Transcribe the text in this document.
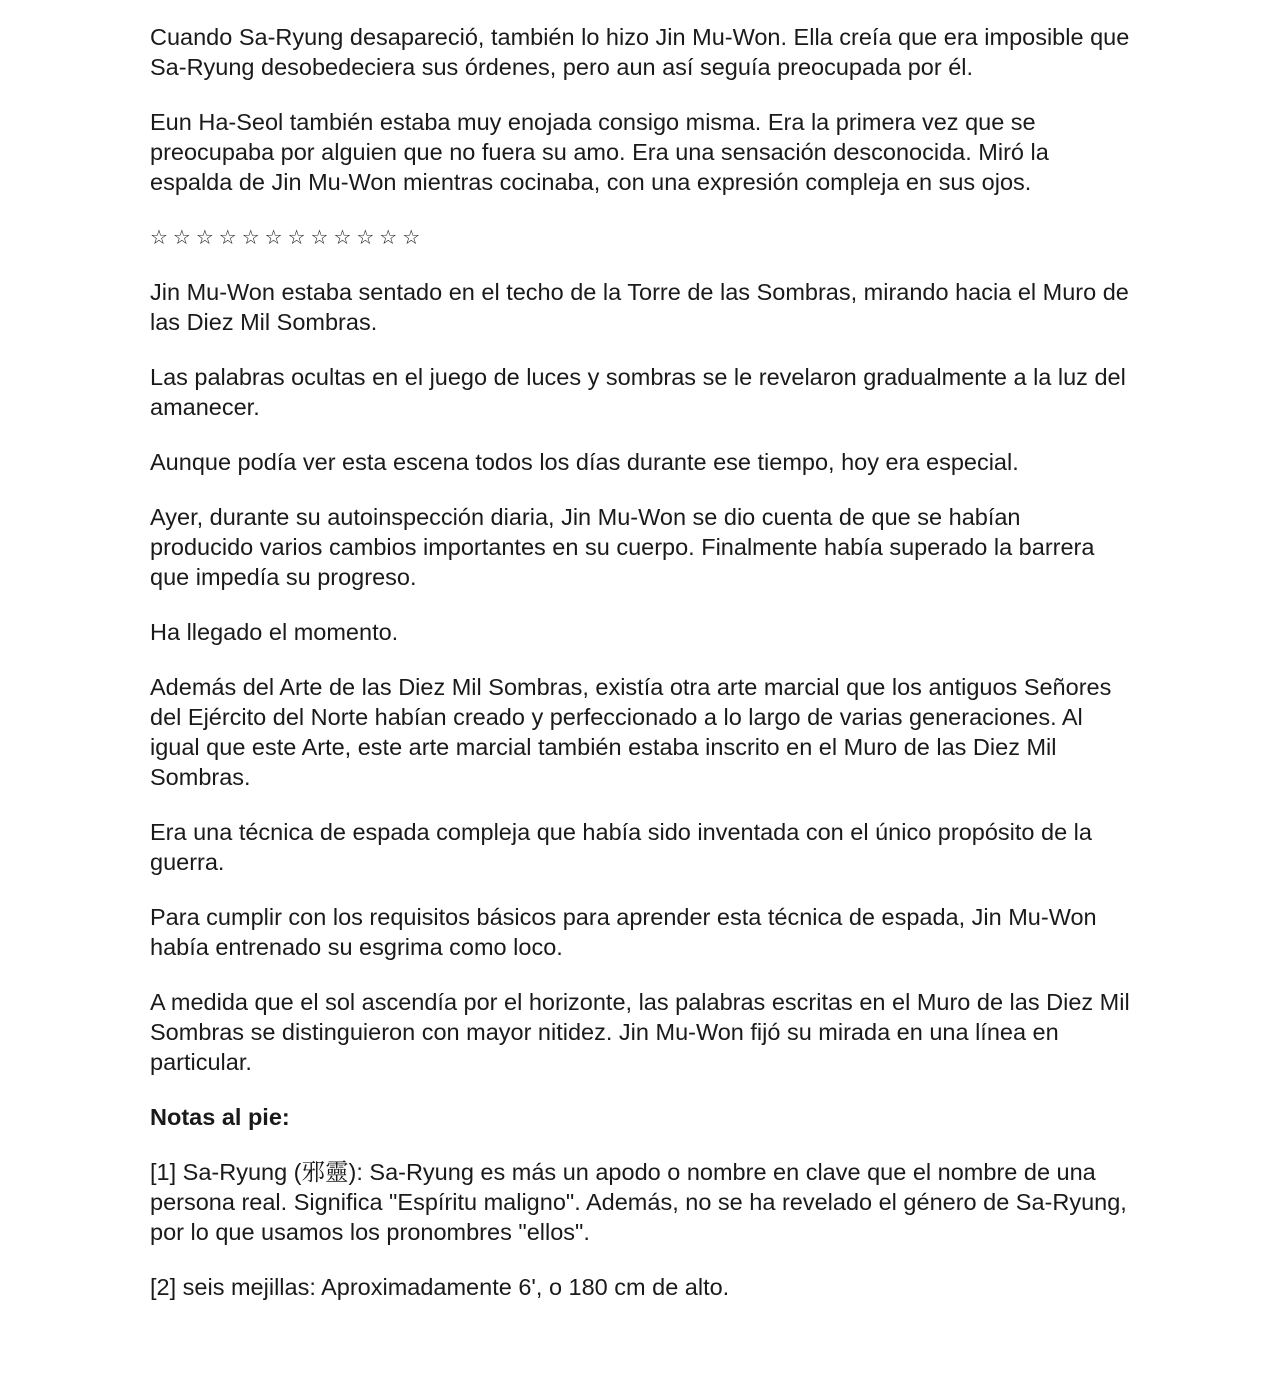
Cuando Sa-Ryung desapareció, también lo hizo Jin Mu-Won. Ella creía que era imposible que Sa-Ryung desobedeciera sus órdenes, pero aun así seguía preocupada por él.

Eun Ha-Seol también estaba muy enojada consigo misma. Era la primera vez que se preocupaba por alguien que no fuera su amo. Era una sensación desconocida. Miró la espalda de Jin Mu-Won mientras cocinaba, con una expresión compleja en sus ojos.

☆☆☆☆☆☆☆☆☆☆☆☆

Jin Mu-Won estaba sentado en el techo de la Torre de las Sombras, mirando hacia el Muro de las Diez Mil Sombras.

Las palabras ocultas en el juego de luces y sombras se le revelaron gradualmente a la luz del amanecer.

Aunque podía ver esta escena todos los días durante ese tiempo, hoy era especial.

Ayer, durante su autoinspección diaria, Jin Mu-Won se dio cuenta de que se habían producido varios cambios importantes en su cuerpo. Finalmente había superado la barrera que impedía su progreso.

Ha llegado el momento.

Además del Arte de las Diez Mil Sombras, existía otra arte marcial que los antiguos Señores del Ejército del Norte habían creado y perfeccionado a lo largo de varias generaciones. Al igual que este Arte, este arte marcial también estaba inscrito en el Muro de las Diez Mil Sombras.

Era una técnica de espada compleja que había sido inventada con el único propósito de la guerra.

Para cumplir con los requisitos básicos para aprender esta técnica de espada, Jin Mu-Won había entrenado su esgrima como loco.

A medida que el sol ascendía por el horizonte, las palabras escritas en el Muro de las Diez Mil Sombras se distinguieron con mayor nitidez. Jin Mu-Won fijó su mirada en una línea en particular.

Notas al pie:

[1] Sa-Ryung (邪靈): Sa-Ryung es más un apodo o nombre en clave que el nombre de una persona real. Significa "Espíritu maligno". Además, no se ha revelado el género de Sa-Ryung, por lo que usamos los pronombres "ellos".

[2] seis mejillas: Aproximadamente 6', o 180 cm de alto.
